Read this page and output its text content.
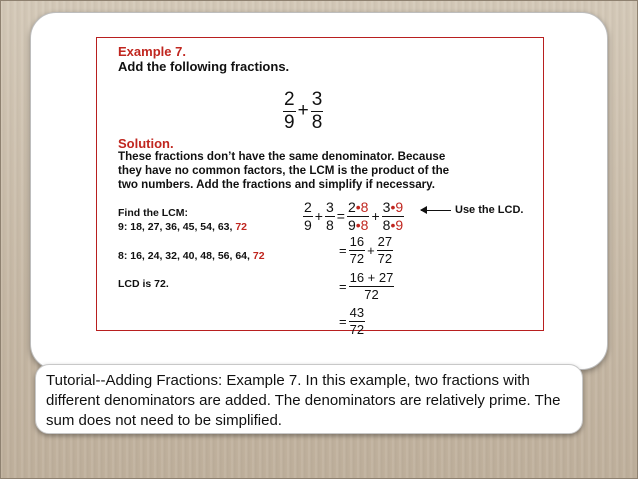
Example 7.
Add the following fractions.
$\frac{2}{9} + \frac{3}{8}$
Solution.
These fractions don’t have the same denominator. Because
they have no common factors, the LCM is the product of the
two numbers. Add the fractions and simplify if necessary.
Find the LCM:
9: 18, 27, 36, 45, 54, 63, 72
8: 16, 24, 32, 40, 48, 56, 64, 72
LCD is 72.
$\frac{2}{9} + \frac{3}{8} = \frac{2•8}{9•8} + \frac{3•9}{8•9}$	Use the LCD.
= $\frac{16}{72} + \frac{27}{72}$
= $\frac{16 + 27}{72}$
= $\frac{43}{72}$
Tutorial--Adding Fractions: Example 7. In this example, two fractions with different denominators are added. The denominators are relatively prime. The sum does not need to be simplified.
